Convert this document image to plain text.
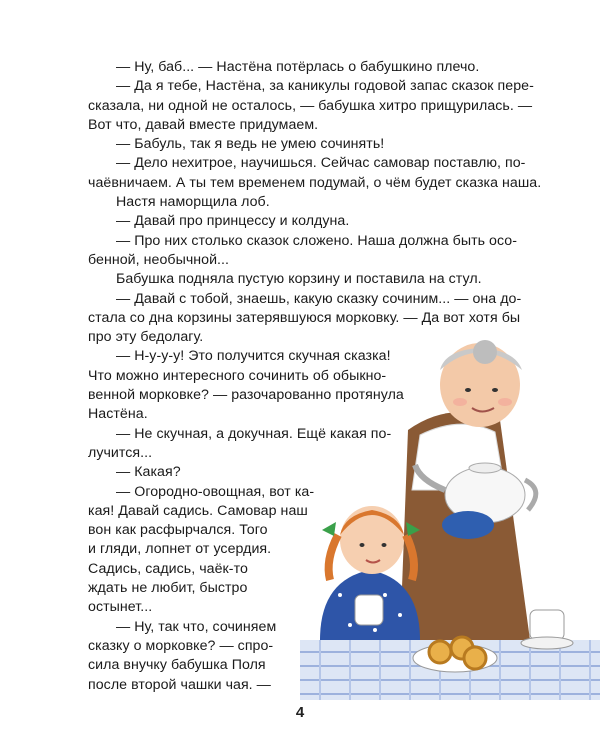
— Ну, баб... — Настёна потёрлась о бабушкино плечо.
— Да я тебе, Настёна, за каникулы годовой запас сказок пере-
сказала, ни одной не осталось, — бабушка хитро прищурилась. —
Вот что, давай вместе придумаем.
— Бабуль, так я ведь не умею сочинять!
— Дело нехитрое, научишься. Сейчас самовар поставлю, по-
чаёвничаем. А ты тем временем подумай, о чём будет сказка наша.
Настя наморщила лоб.
— Давай про принцессу и колдуна.
— Про них столько сказок сложено. Наша должна быть осо-
бенной, необычной...
Бабушка подняла пустую корзину и поставила на стул.
— Давай с тобой, знаешь, какую сказку сочиним... — она до-
стала со дна корзины затерявшуюся морковку. — Да вот хотя бы
про эту бедолагу.
— Н-у-у-у! Это получится скучная сказка!
Что можно интересного сочинить об обыкно-
венной морковке? — разочарованно протянула
Настёна.
— Не скучная, а докучная. Ещё какая по-
лучится...
— Какая?
— Огородно-овощная, вот ка-
кая! Давай садись. Самовар наш
вон как расфырчался. Того
и гляди, лопнет от усердия.
Садись, садись, чаёк-то
ждать не любит, быстро
остынет...
— Ну, так что, сочиняем
сказку о морковке? — спро-
сила внучку бабушка Поля
после второй чашки чая. —
4
